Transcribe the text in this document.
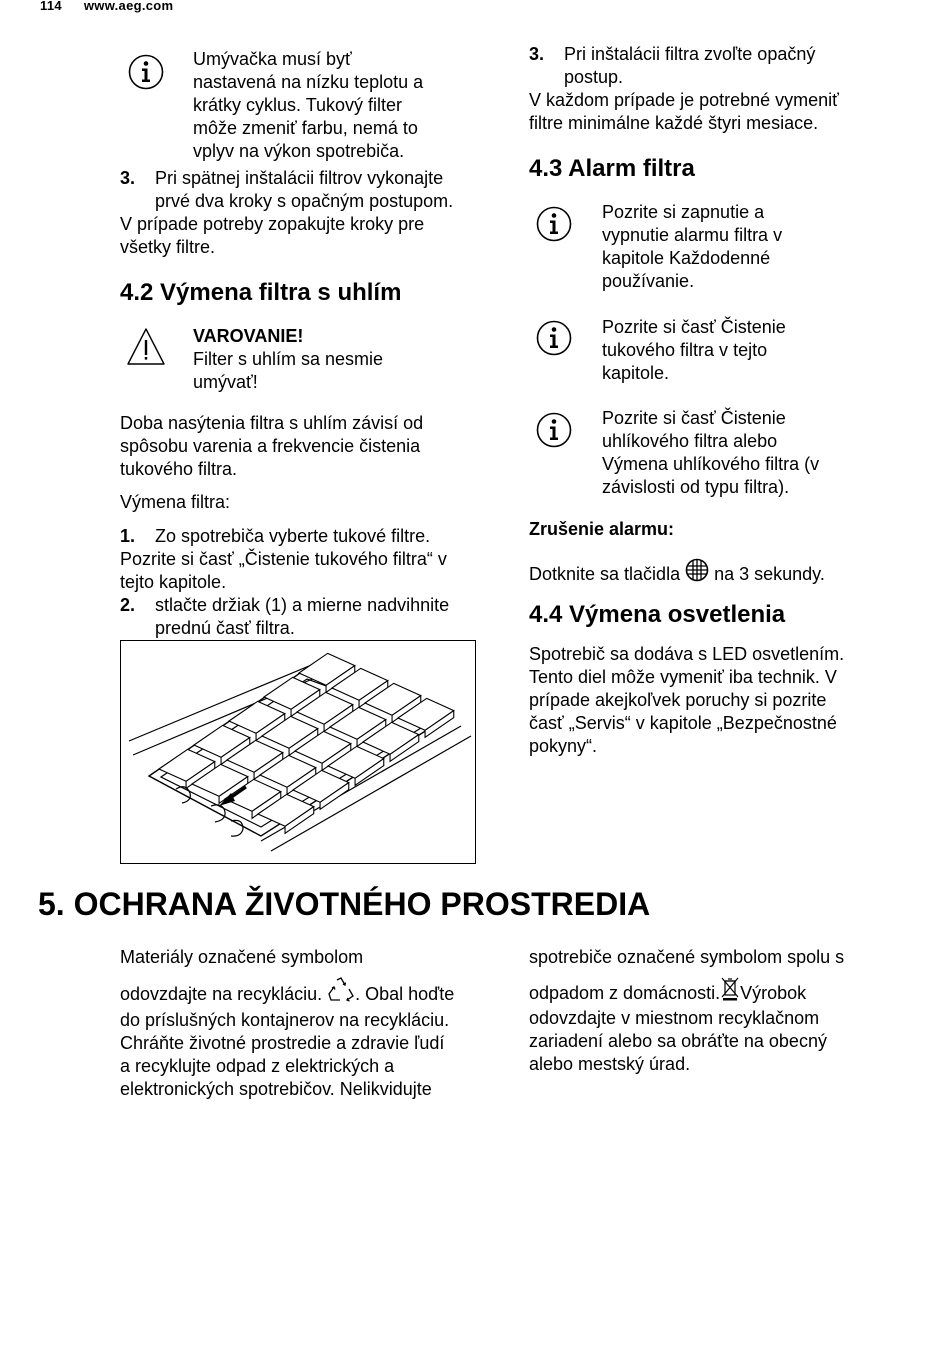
114 www.aeg.com

Umývačka musí byť

nastavená na nízku teplotu a

krátky cyklus. Tukový filter

môže zmeniť farbu, nemá to

vplyv na výkon spotrebiča.

3. Pri spätnej inštalácii filtrov vykonajte

prvé dva kroky s opačným postupom.

V prípade potreby zopakujte kroky pre

všetky filtre.

4.2 Výmena filtra s uhlím

VAROVANIE!

Filter s uhlím sa nesmie

umývať!

Doba nasýtenia filtra s uhlím závisí od

spôsobu varenia a frekvencie čistenia

tukového filtra.

Výmena filtra:

1. Zo spotrebiča vyberte tukové filtre.

Pozrite si časť „Čistenie tukového filtra“ v

tejto kapitole.

2. stlačte držiak (1) a mierne nadvihnite

prednú časť filtra.

3. Pri inštalácii filtra zvoľte opačný

postup.

V každom prípade je potrebné vymeniť

filtre minimálne každé štyri mesiace.

4.3 Alarm filtra

Pozrite si zapnutie a

vypnutie alarmu filtra v

kapitole Každodenné

používanie.

Pozrite si časť Čistenie

tukového filtra v tejto

kapitole.

Pozrite si časť Čistenie

uhlíkového filtra alebo

Výmena uhlíkového filtra (v

závislosti od typu filtra).

Zrušenie alarmu:
Dotknite sa tlačidla na 3 sekundy.
4.4 Výmena osvetlenia

Spotrebič sa dodáva s LED osvetlením.

Tento diel môže vymeniť iba technik. V

prípade akejkoľvek poruchy si pozrite

časť „Servis“ v kapitole „Bezpečnostné

pokyny“.

5. OCHRANA ŽIVOTNÉHO PROSTREDIA

Materiály označené symbolom

odovzdajte na recykláciu. . Obal hoďte

do príslušných kontajnerov na recykláciu.

Chráňte životné prostredie a zdravie ľudí

a recyklujte odpad z elektrických a

elektronických spotrebičov. Nelikvidujte

spotrebiče označené symbolom spolu s

odpadom z domácnosti. Výrobok

odovzdajte v miestnom recyklačnom

zariadení alebo sa obráťte na obecný

alebo mestský úrad.
